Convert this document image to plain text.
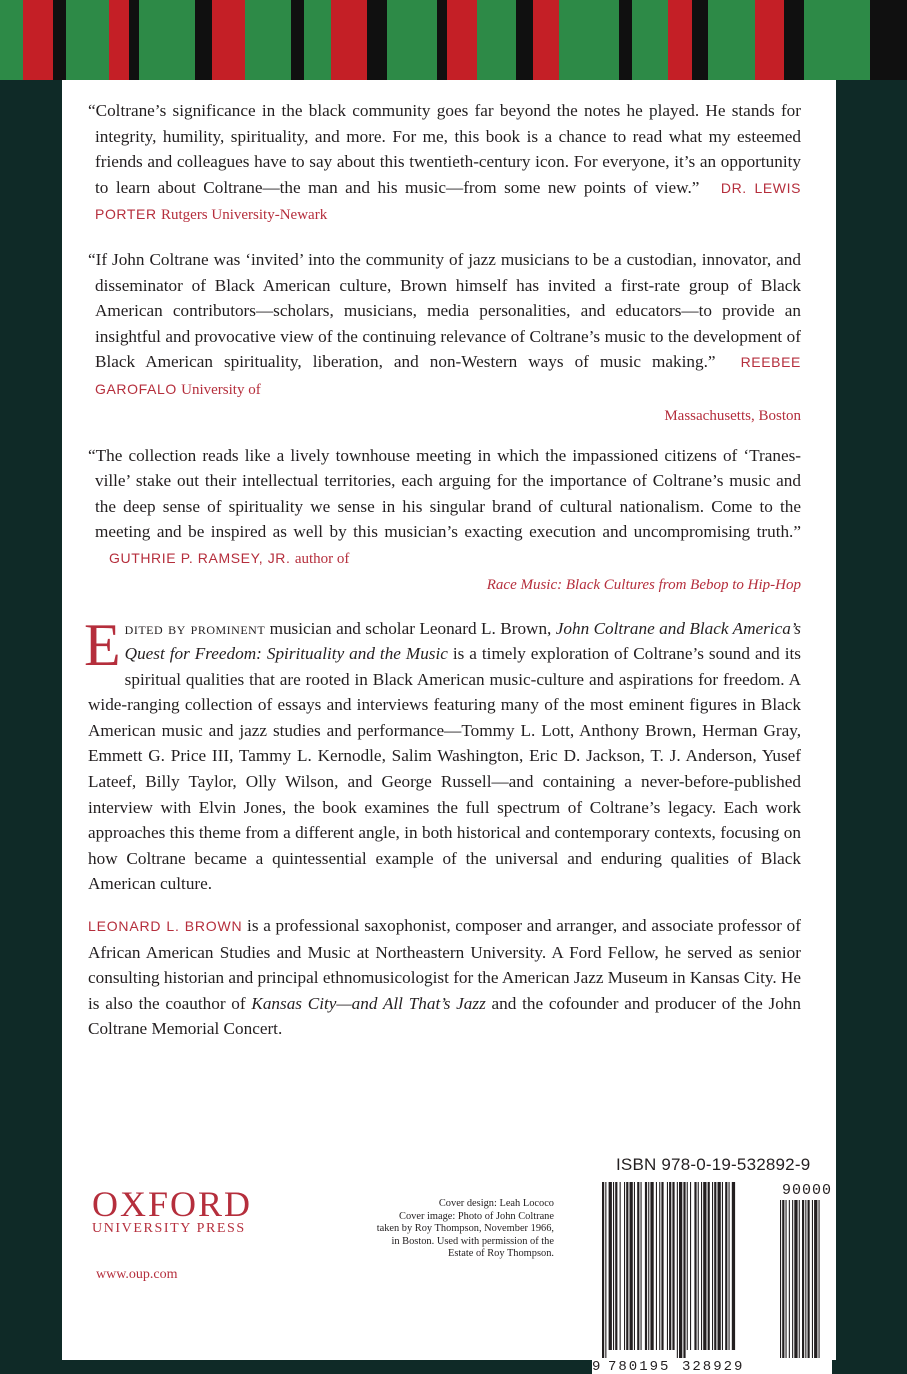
“Coltrane’s significance in the black community goes far beyond the notes he played. He stands for integrity, humility, spirituality, and more. For me, this book is a chance to read what my esteemed friends and colleagues have to say about this twentieth-century icon. For everyone, it’s an opportunity to learn about Coltrane—the man and his music—from some new points of view.” DR. LEWIS PORTER Rutgers University-Newark

“If John Coltrane was ‘invited’ into the community of jazz musicians to be a custodian, innovator, and disseminator of Black American culture, Brown himself has invited a first-rate group of Black American contributors—scholars, musicians, media personalities, and educators—to provide an insightful and provocative view of the continuing relevance of Coltrane’s music to the development of Black American spirituality, liberation, and non-Western ways of music making.” REEBEE GAROFALO University of

Massachusetts, Boston

“The collection reads like a lively townhouse meeting in which the impassioned citizens of ‘Tranes-ville’ stake out their intellectual territories, each arguing for the importance of Coltrane’s music and the deep sense of spirituality we sense in his singular brand of cultural nationalism. Come to the meeting and be inspired as well by this musician’s exacting execution and uncompromising truth.” GUTHRIE P. RAMSEY, JR. author of

Race Music: Black Cultures from Bebop to Hip-Hop
Edited by prominent musician and scholar Leonard L. Brown, John Coltrane and Black America’s Quest for Freedom: Spirituality and the Music is a timely exploration of Coltrane’s sound and its spiritual qualities that are rooted in Black American music-culture and aspirations for freedom. A wide-ranging collection of essays and interviews featuring many of the most eminent figures in Black American music and jazz studies and performance—Tommy L. Lott, Anthony Brown, Herman Gray, Emmett G. Price III, Tammy L. Kernodle, Salim Washington, Eric D. Jackson, T. J. Anderson, Yusef Lateef, Billy Taylor, Olly Wilson, and George Russell—and containing a never-before-published interview with Elvin Jones, the book examines the full spectrum of Coltrane’s legacy. Each work approaches this theme from a different angle, in both historical and contemporary contexts, focusing on how Coltrane became a quintessential example of the universal and enduring qualities of Black American culture.
LEONARD L. BROWN is a professional saxophonist, composer and arranger, and associate professor of African American Studies and Music at Northeastern University. A Ford Fellow, he served as senior consulting historian and principal ethnomusicologist for the American Jazz Museum in Kansas City. He is also the coauthor of Kansas City—and All That’s Jazz and the cofounder and producer of the John Coltrane Memorial Concert.
OXFORD
UNIVERSITY PRESS
www.oup.com
Cover design: Leah Lococo
Cover image: Photo of John Coltrane
taken by Roy Thompson, November 1966,
in Boston. Used with permission of the
Estate of Roy Thompson.
ISBN 978-0-19-532892-9
90000
9 780195 328929
